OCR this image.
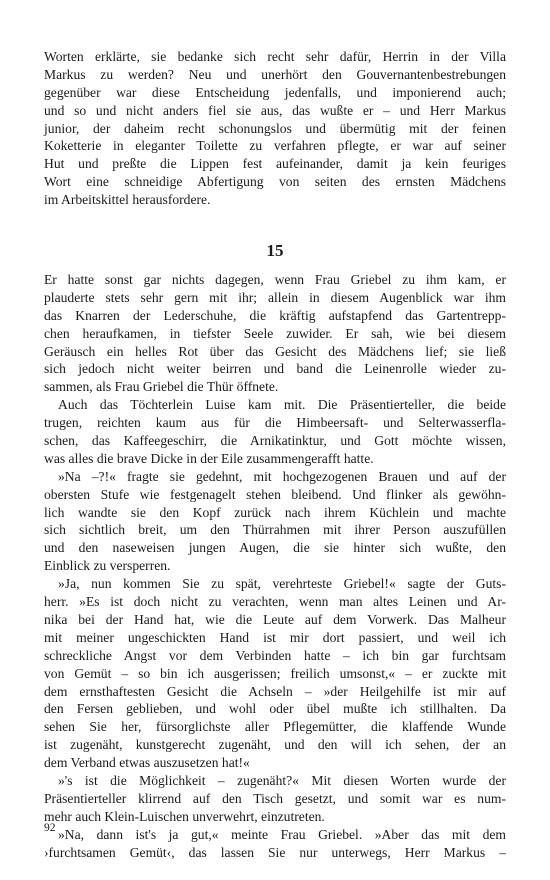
Worten erklärte, sie bedanke sich recht sehr dafür, Herrin in der Villa
Markus zu werden? Neu und unerhört den Gouvernantenbestrebungen
gegenüber war diese Entscheidung jedenfalls, und imponierend auch;
und so und nicht anders fiel sie aus, das wußte er – und Herr Markus
junior, der daheim recht schonungslos und übermütig mit der feinen
Koketterie in eleganter Toilette zu verfahren pflegte, er war auf seiner
Hut und preßte die Lippen fest aufeinander, damit ja kein feuriges
Wort eine schneidige Abfertigung von seiten des ernsten Mädchens
im Arbeitskittel herausfordere.
15
Er hatte sonst gar nichts dagegen, wenn Frau Griebel zu ihm kam, er
plauderte stets sehr gern mit ihr; allein in diesem Augenblick war ihm
das Knarren der Lederschuhe, die kräftig aufstapfend das Gartentrepp-
chen heraufkamen, in tiefster Seele zuwider. Er sah, wie bei diesem
Geräusch ein helles Rot über das Gesicht des Mädchens lief; sie ließ
sich jedoch nicht weiter beirren und band die Leinenrolle wieder zu-
sammen, als Frau Griebel die Thür öffnete.
Auch das Töchterlein Luise kam mit. Die Präsentierteller, die beide
trugen, reichten kaum aus für die Himbeersaft- und Selterwasserfla-
schen, das Kaffeegeschirr, die Arnikatinktur, und Gott möchte wissen,
was alles die brave Dicke in der Eile zusammengerafft hatte.
»Na –?!« fragte sie gedehnt, mit hochgezogenen Brauen und auf der
obersten Stufe wie festgenagelt stehen bleibend. Und flinker als gewöhn-
lich wandte sie den Kopf zurück nach ihrem Küchlein und machte
sich sichtlich breit, um den Thürrahmen mit ihrer Person auszufüllen
und den naseweisen jungen Augen, die sie hinter sich wußte, den
Einblick zu versperren.
»Ja, nun kommen Sie zu spät, verehrteste Griebel!« sagte der Guts-
herr. »Es ist doch nicht zu verachten, wenn man altes Leinen und Ar-
nika bei der Hand hat, wie die Leute auf dem Vorwerk. Das Malheur
mit meiner ungeschickten Hand ist mir dort passiert, und weil ich
schreckliche Angst vor dem Verbinden hatte – ich bin gar furchtsam
von Gemüt – so bin ich ausgerissen; freilich umsonst,« – er zuckte mit
dem ernsthaftesten Gesicht die Achseln – »der Heilgehilfe ist mir auf
den Fersen geblieben, und wohl oder übel mußte ich stillhalten. Da
sehen Sie her, fürsorglichste aller Pflegemütter, die klaffende Wunde
ist zugenäht, kunstgerecht zugenäht, und den will ich sehen, der an
dem Verband etwas auszusetzen hat!«
»'s ist die Möglichkeit – zugenäht?« Mit diesen Worten wurde der
Präsentierteller klirrend auf den Tisch gesetzt, und somit war es num-
mehr auch Klein-Luischen unverwehrt, einzutreten.
»Na, dann ist's ja gut,« meinte Frau Griebel. »Aber das mit dem
›furchtsamen Gemüt‹, das lassen Sie nur unterwegs, Herr Markus –
92
